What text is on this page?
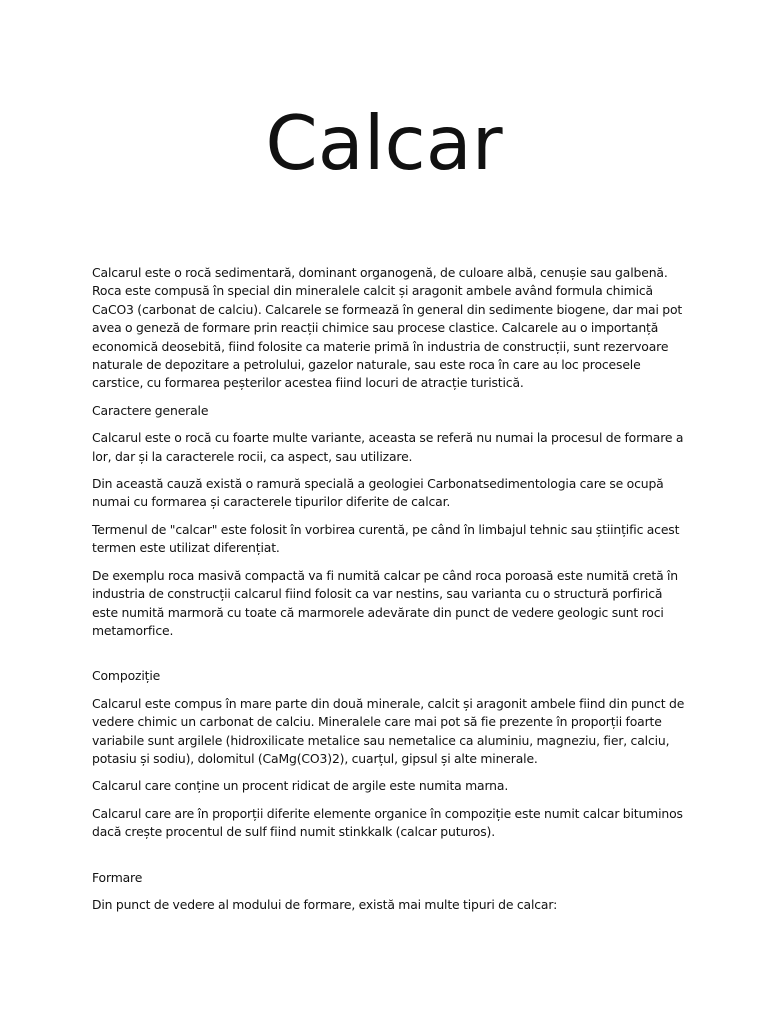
Calcar

Calcarul este o rocă sedimentară, dominant organogenă, de culoare albă, cenușie sau galbenă. Roca este compusă în special din mineralele calcit și aragonit ambele având formula chimică CaCO3 (carbonat de calciu). Calcarele se formează în general din sedimente biogene, dar mai pot avea o geneză de formare prin reacții chimice sau procese clastice. Calcarele au o importanță economică deosebită, fiind folosite ca materie primă în industria de construcții, sunt rezervoare naturale de depozitare a petrolului, gazelor naturale, sau este roca în care au loc procesele carstice, cu formarea peșterilor acestea fiind locuri de atracție turistică.

Caractere generale

Calcarul este o rocă cu foarte multe variante, aceasta se referă nu numai la procesul de formare a lor, dar și la caracterele rocii, ca aspect, sau utilizare.

Din această cauză există o ramură specială a geologiei Carbonatsedimentologia care se ocupă numai cu formarea și caracterele tipurilor diferite de calcar.

Termenul de "calcar" este folosit în vorbirea curentă, pe când în limbajul tehnic sau științific acest termen este utilizat diferențiat.

De exemplu roca masivă compactă va fi numită calcar pe când roca poroasă este numită cretă în industria de construcții calcarul fiind folosit ca var nestins, sau varianta cu o structură porfirică este numită marmoră cu toate că marmorele adevărate din punct de vedere geologic sunt roci metamorfice.

Compoziție

Calcarul este compus în mare parte din două minerale, calcit și aragonit ambele fiind din punct de vedere chimic un carbonat de calciu. Mineralele care mai pot să fie prezente în proporții foarte variabile sunt argilele (hidroxilicate metalice sau nemetalice ca aluminiu, magneziu, fier, calciu, potasiu și sodiu), dolomitul (CaMg(CO3)2), cuarțul, gipsul și alte minerale.

Calcarul care conține un procent ridicat de argile este numita marna.

Calcarul care are în proporții diferite elemente organice în compoziție este numit calcar bituminos dacă crește procentul de sulf fiind numit stinkkalk (calcar puturos).

Formare

Din punct de vedere al modului de formare, există mai multe tipuri de calcar:
